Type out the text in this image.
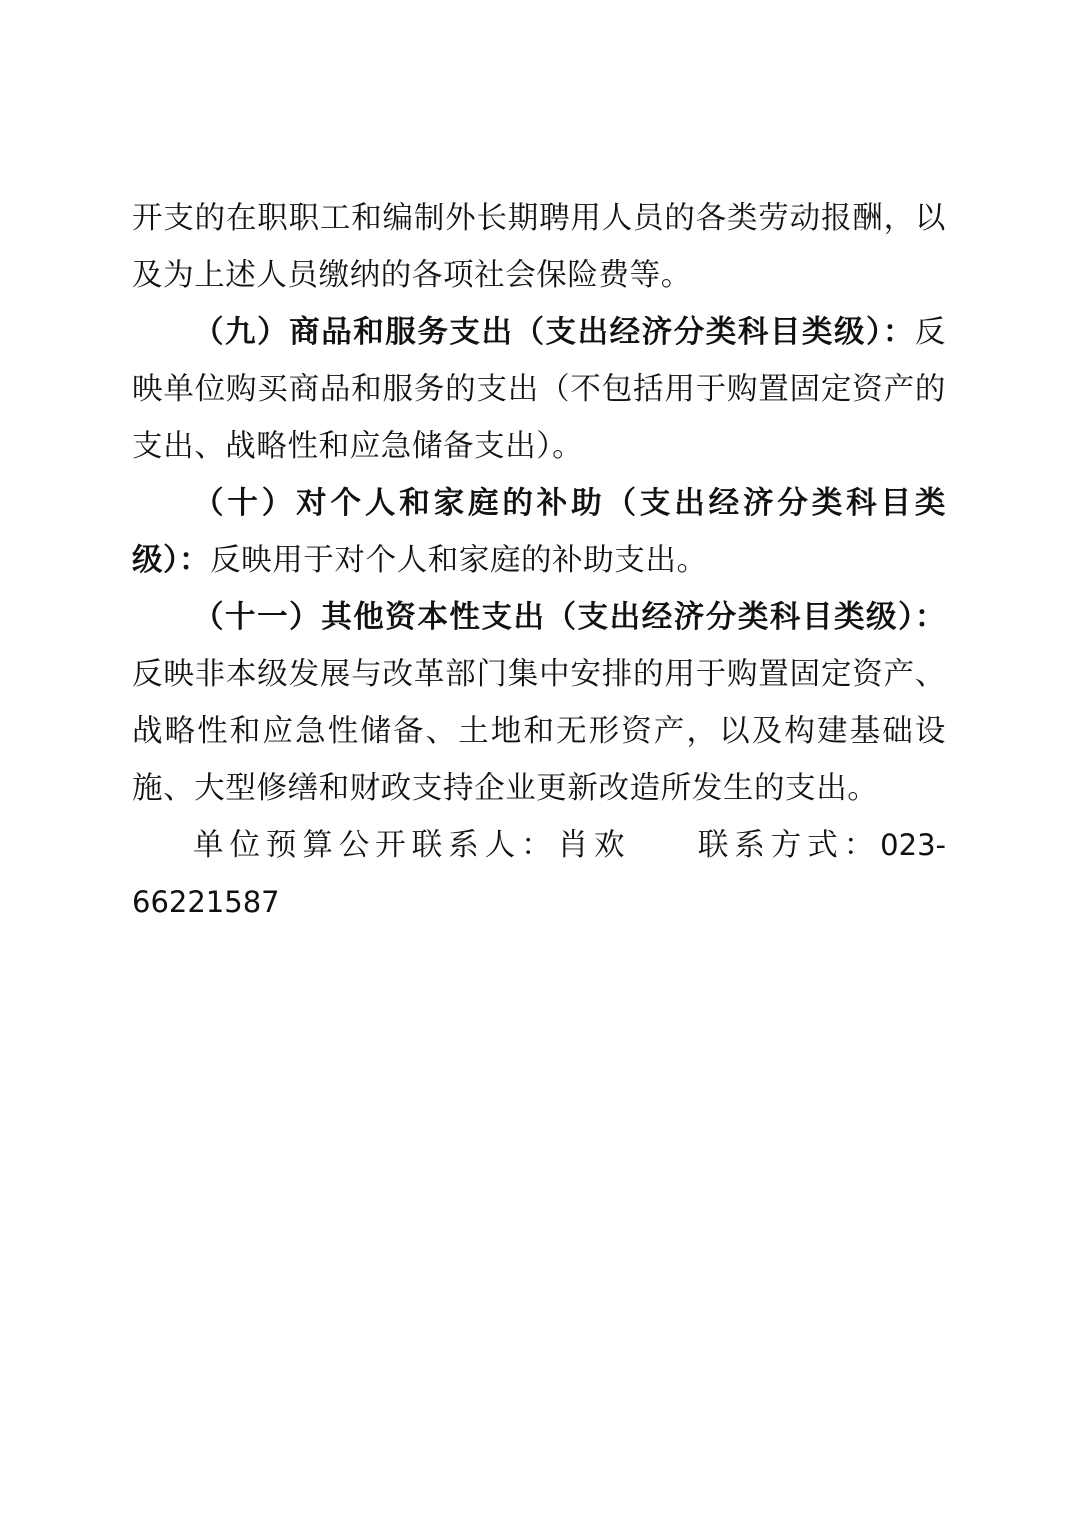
开支的在职职工和编制外长期聘用人员的各类劳动报酬，以及为上述人员缴纳的各项社会保险费等。

（九）商品和服务支出（支出经济分类科目类级）：反映单位购买商品和服务的支出（不包括用于购置固定资产的支出、战略性和应急储备支出）。

（十）对个人和家庭的补助（支出经济分类科目类级）：反映用于对个人和家庭的补助支出。

（十一）其他资本性支出（支出经济分类科目类级）：反映非本级发展与改革部门集中安排的用于购置固定资产、战略性和应急性储备、土地和无形资产，以及构建基础设施、大型修缮和财政支持企业更新改造所发生的支出。

单位预算公开联系人：肖欢 联系方式：023-66221587
